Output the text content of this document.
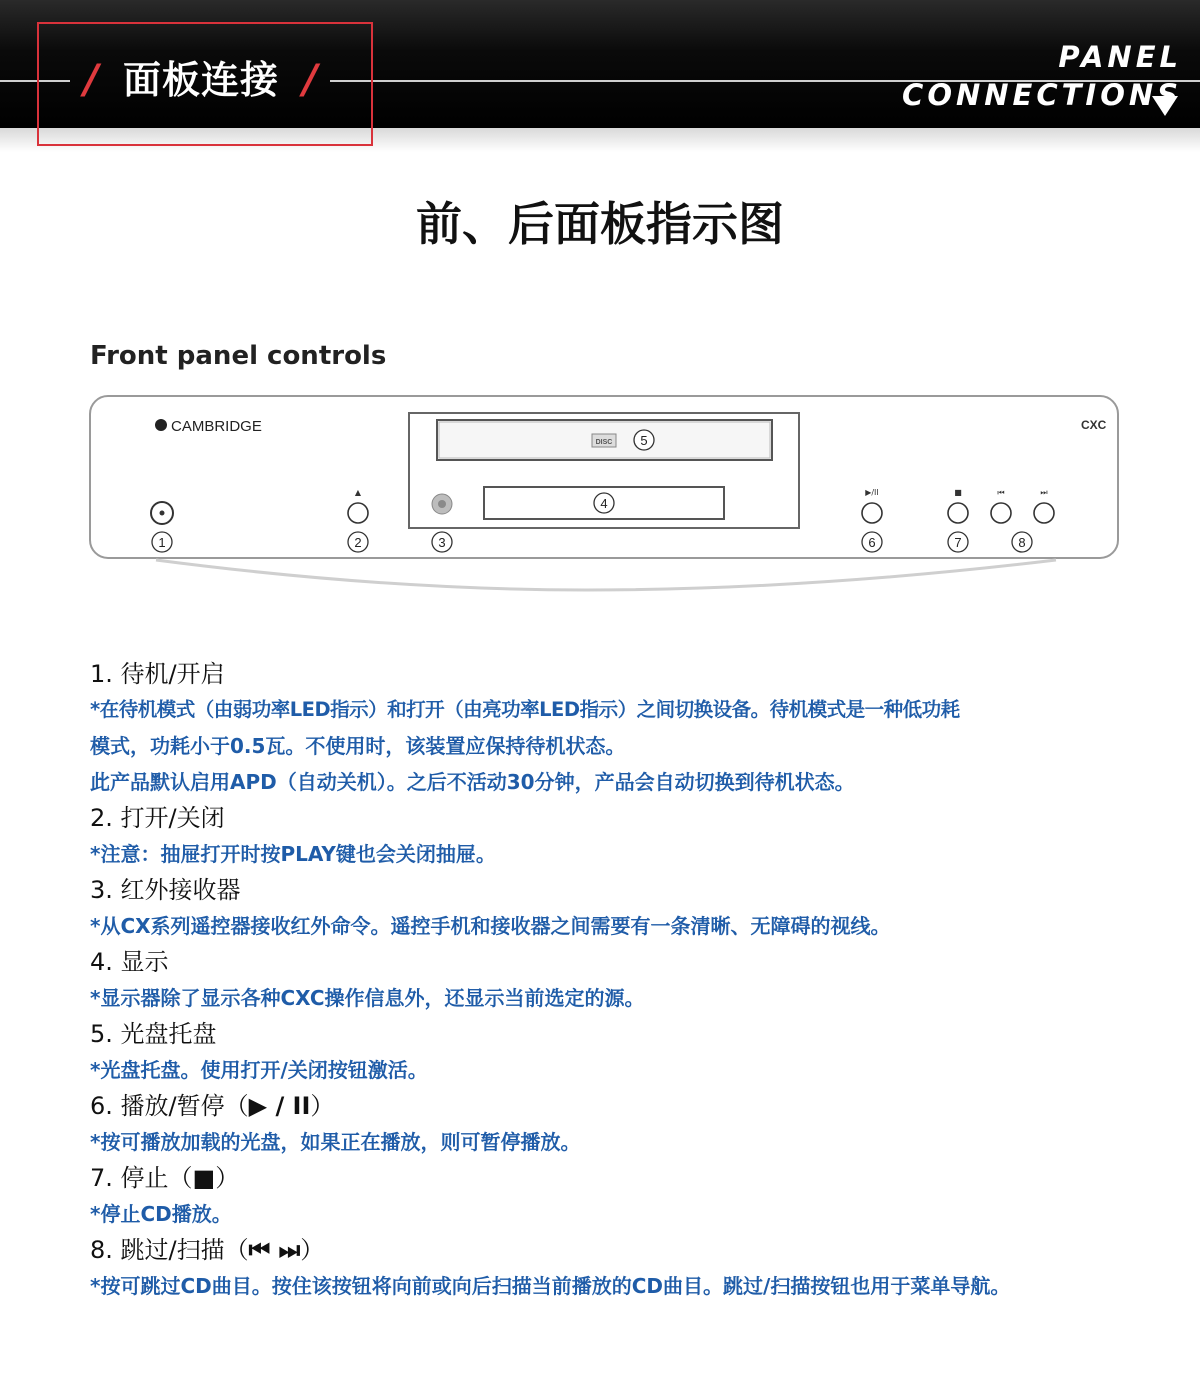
/ 面板连接 /	PANEL CONNECTIONS
前、后面板指示图
Front panel controls
CAMBRIDGE	CXC
DISC
▲	▶/II	■	⏮	⏭
1	2	3
4
5
6	7	8

1. 待机/开启

*在待机模式（由弱功率LED指示）和打开（由亮功率LED指示）之间切换设备。待机模式是一种低功耗

模式，功耗小于0.5瓦。不使用时，该装置应保持待机状态。

此产品默认启用APD（自动关机）。之后不活动30分钟，产品会自动切换到待机状态。

2. 打开/关闭

*注意：抽屉打开时按PLAY键也会关闭抽屉。

3. 红外接收器

*从CX系列遥控器接收红外命令。遥控手机和接收器之间需要有一条清晰、无障碍的视线。

4. 显示

*显示器除了显示各种CXC操作信息外，还显示当前选定的源。

5. 光盘托盘

*光盘托盘。使用打开/关闭按钮激活。

6. 播放/暂停（▶ / II）

*按可播放加载的光盘，如果正在播放，则可暂停播放。

7. 停止（■）

*停止CD播放。

8. 跳过/扫描（⏮ ⏭）

*按可跳过CD曲目。按住该按钮将向前或向后扫描当前播放的CD曲目。跳过/扫描按钮也用于菜单导航。
